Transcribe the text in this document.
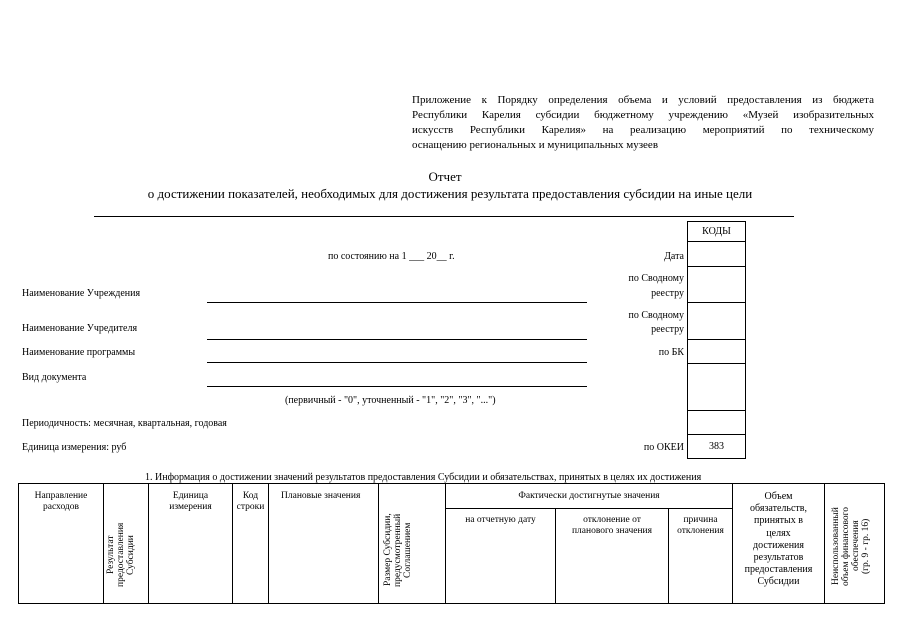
Приложение к Порядку определения объема и условий предоставления из бюджета
Республики Карелия субсидии бюджетному учреждению «Музей изобразительных
искусств Республики Карелия» на реализацию мероприятий по техническому
оснащению региональных и муниципальных музеев
Отчет
о достижении показателей, необходимых для достижения результата предоставления субсидии на иные цели
КОДЫ
383
Дата
по Сводному
реестру
по Сводному
реестру
по БК
по ОКЕИ
по состоянию на 1 ___ 20__ г.
Наименование Учреждения
Наименование Учредителя
Наименование программы
Вид документа
(первичный - "0", уточненный - "1", "2", "3", "...")
Периодичность: месячная, квартальная, годовая
Единица измерения: руб
1. Информация о достижении значений результатов предоставления Субсидии и обязательствах, принятых в целях их достижения
Направление
расходов
Результат предоставления Субсидии
Единица
измерения
Код
строки
Плановые значения
Размер Субсидии, предусмотренный Соглашением
Фактически достигнутые значения
на отчетную дату	отклонение от
планового значения
причина
отклонения
Объем
обязательств,
принятых в
целях
достижения
результатов
предоставления
Субсидии	Неиспользованный объем финансового обеспечения (гр. 9 - гр. 16)
